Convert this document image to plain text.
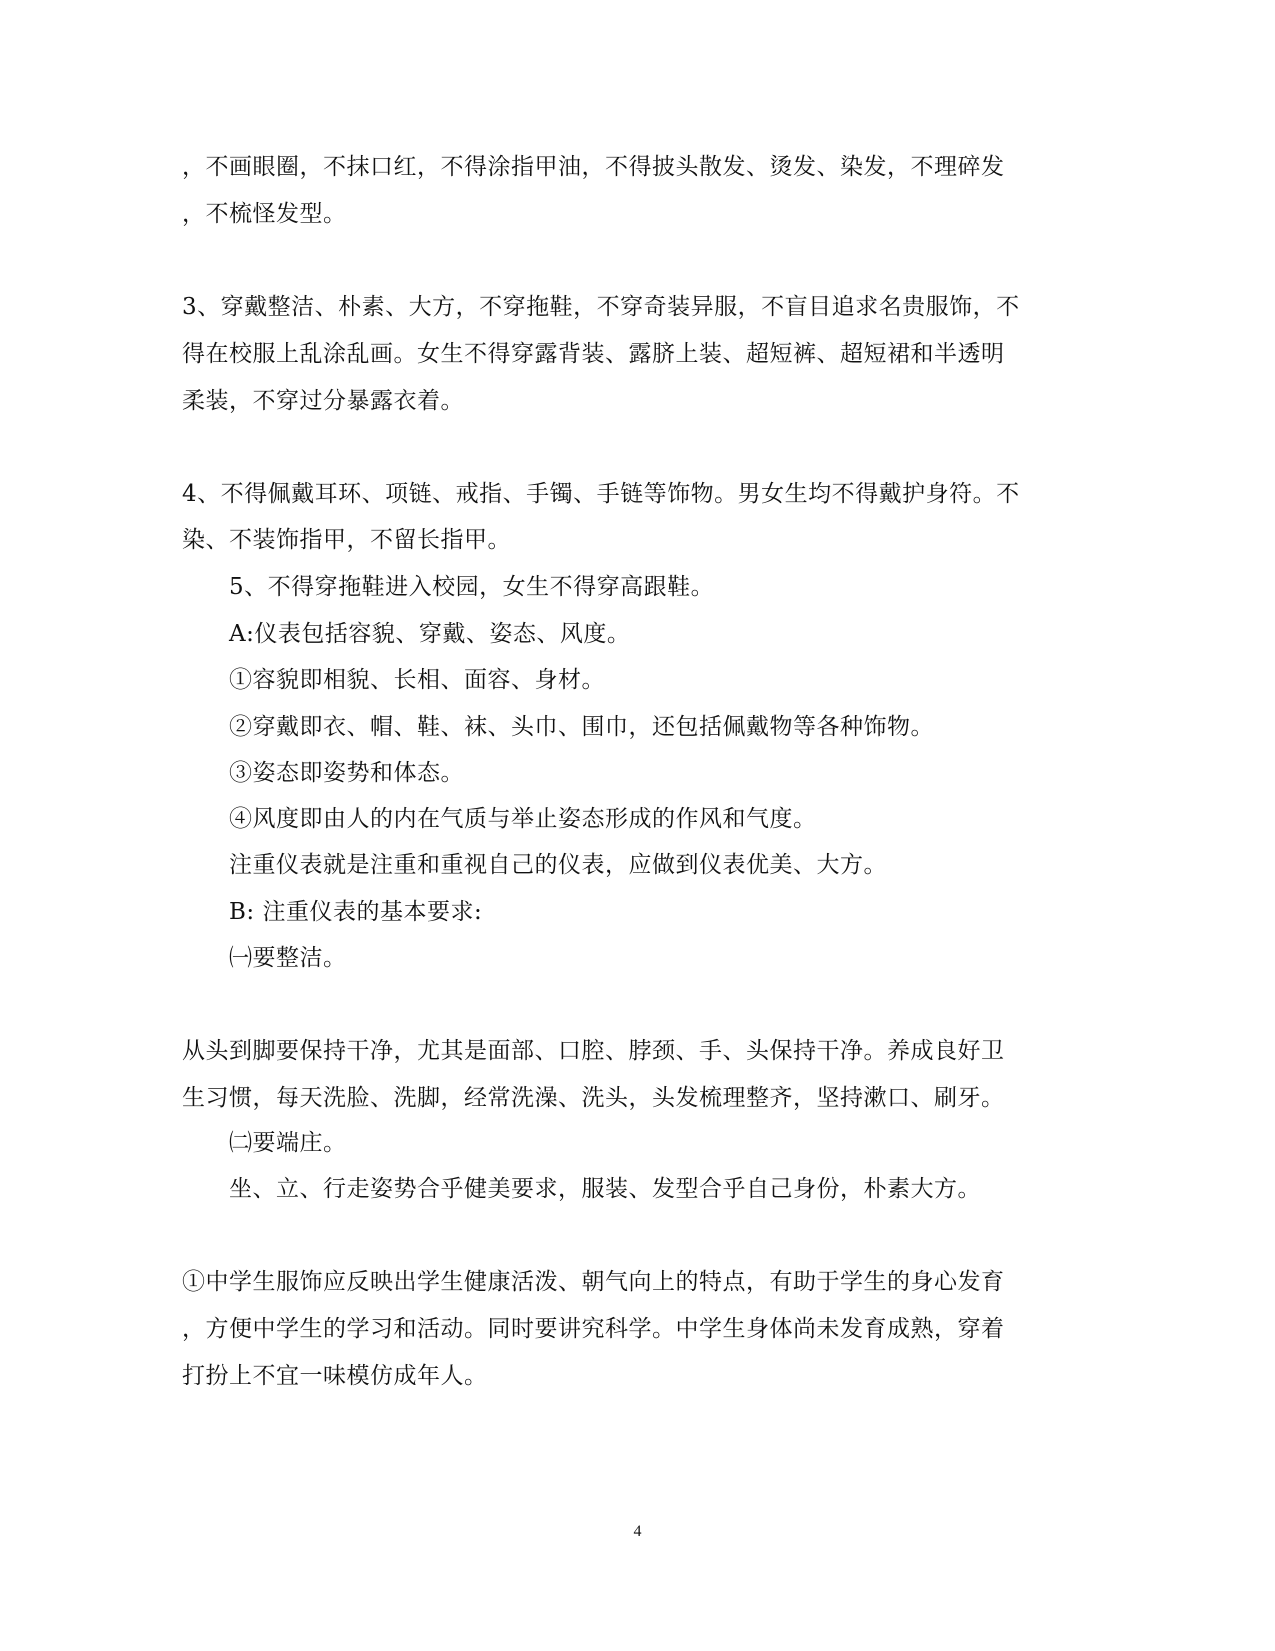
，不画眼圈，不抹口红，不得涂指甲油，不得披头散发、烫发、染发，不理碎发
，不梳怪发型。
3、穿戴整洁、朴素、大方，不穿拖鞋，不穿奇装异服，不盲目追求名贵服饰，不
得在校服上乱涂乱画。女生不得穿露背装、露脐上装、超短裤、超短裙和半透明
柔装，不穿过分暴露衣着。
4、不得佩戴耳环、项链、戒指、手镯、手链等饰物。男女生均不得戴护身符。不
染、不装饰指甲，不留长指甲。
5、不得穿拖鞋进入校园，女生不得穿高跟鞋。
A:仪表包括容貌、穿戴、姿态、风度。
①容貌即相貌、长相、面容、身材。
②穿戴即衣、帽、鞋、袜、头巾、围巾，还包括佩戴物等各种饰物。
③姿态即姿势和体态。
④风度即由人的内在气质与举止姿态形成的作风和气度。
注重仪表就是注重和重视自己的仪表，应做到仪表优美、大方。
B: 注重仪表的基本要求:
㈠要整洁。
从头到脚要保持干净，尤其是面部、口腔、脖颈、手、头保持干净。养成良好卫
生习惯，每天洗脸、洗脚，经常洗澡、洗头，头发梳理整齐，坚持漱口、刷牙。
㈡要端庄。
坐、立、行走姿势合乎健美要求，服装、发型合乎自己身份，朴素大方。
①中学生服饰应反映出学生健康活泼、朝气向上的特点，有助于学生的身心发育
，方便中学生的学习和活动。同时要讲究科学。中学生身体尚未发育成熟，穿着
打扮上不宜一味模仿成年人。
4
